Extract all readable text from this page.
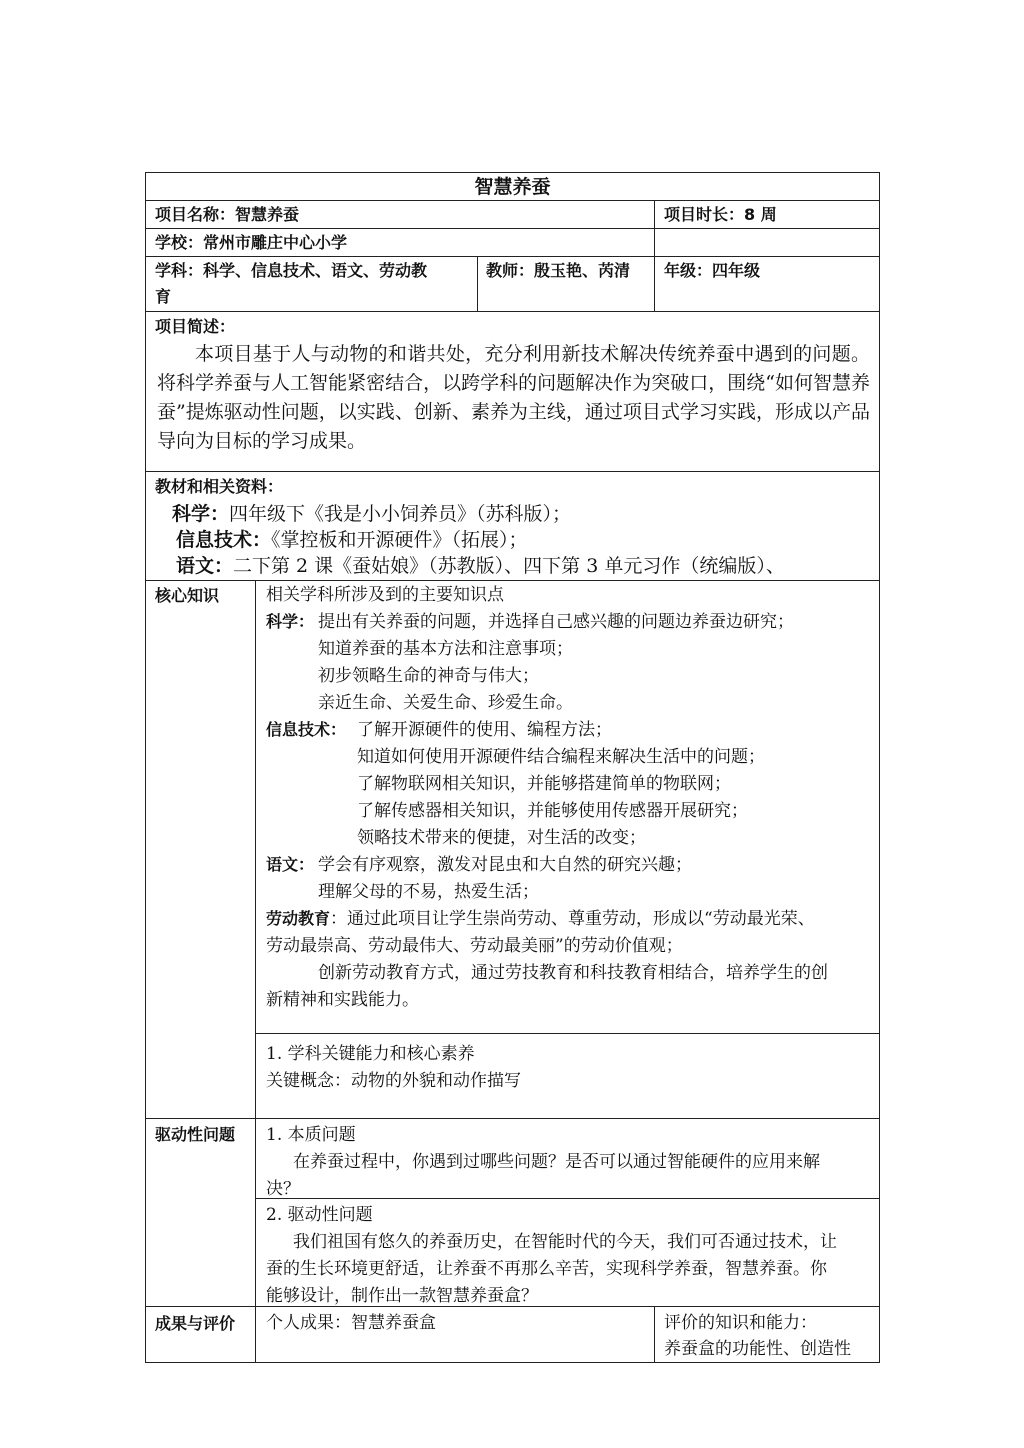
智慧养蚕
项目名称：智慧养蚕	项目时长：8 周
学校：常州市雕庄中心小学
学科：科学、信息技术、语文、劳动教
育
教师：殷玉艳、芮清 年级：四年级
项目简述：
本项目基于人与动物的和谐共处，充分利用新技术解决传统养蚕中遇到的问题。将科学养蚕与人工智能紧密结合，以跨学科的问题解决作为突破口，围绕“如何智慧养蚕”提炼驱动性问题，以实践、创新、素养为主线，通过项目式学习实践，形成以产品导向为目标的学习成果。
教材和相关资料：
科学：四年级下《我是小小饲养员》（苏科版）；
信息技术：《掌控板和开源硬件》（拓展）；
语文：二下第 2 课《蚕姑娘》（苏教版）、四下第 3 单元习作（统编版）、
核心知识	相关学科所涉及到的主要知识点
科学： 提出有关养蚕的问题，并选择自己感兴趣的问题边养蚕边研究；
知道养蚕的基本方法和注意事项；
初步领略生命的神奇与伟大；
亲近生命、关爱生命、珍爱生命。
信息技术： 了解开源硬件的使用、编程方法；
知道如何使用开源硬件结合编程来解决生活中的问题；
了解物联网相关知识，并能够搭建简单的物联网；
了解传感器相关知识，并能够使用传感器开展研究；
领略技术带来的便捷，对生活的改变；
语文： 学会有序观察，激发对昆虫和大自然的研究兴趣；
理解父母的不易，热爱生活；
劳动教育：通过此项目让学生崇尚劳动、尊重劳动，形成以“劳动最光荣、
劳动最崇高、劳动最伟大、劳动最美丽”的劳动价值观；
创新劳动教育方式，通过劳技教育和科技教育相结合，培养学生的创
新精神和实践能力。
1. 学科关键能力和核心素养
关键概念：动物的外貌和动作描写
驱动性问题 1. 本质问题
在养蚕过程中，你遇到过哪些问题？是否可以通过智能硬件的应用来解
决？
2. 驱动性问题
我们祖国有悠久的养蚕历史，在智能时代的今天，我们可否通过技术，让
蚕的生长环境更舒适，让养蚕不再那么辛苦，实现科学养蚕，智慧养蚕。你
能够设计，制作出一款智慧养蚕盒？
成果与评价 个人成果：智慧养蚕盒	评价的知识和能力：
养蚕盒的功能性、创造性
